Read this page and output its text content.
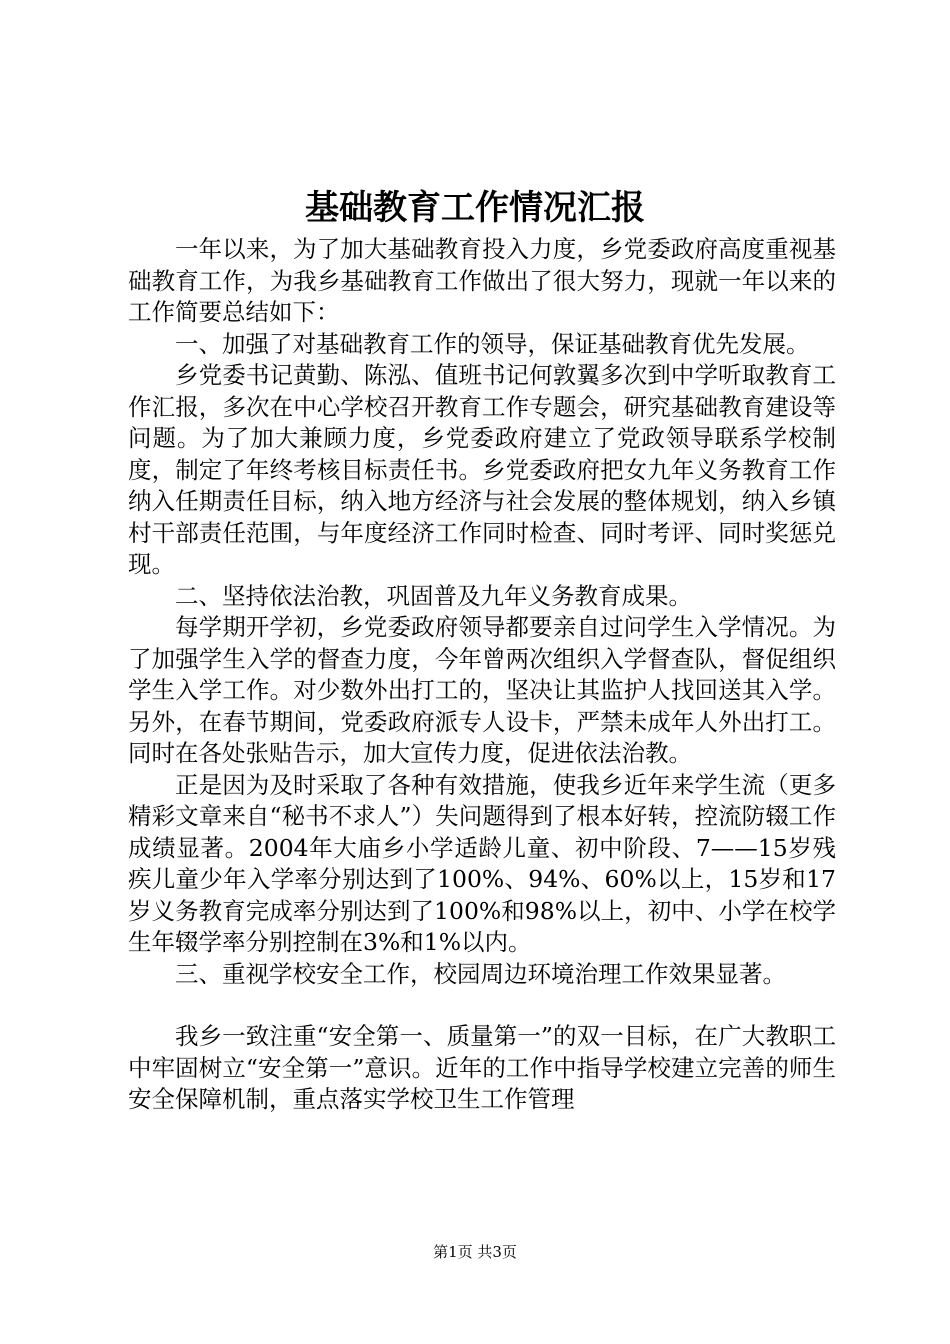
基础教育工作情况汇报

一年以来，为了加大基础教育投入力度，乡党委政府高度重视基础教育工作，为我乡基础教育工作做出了很大努力，现就一年以来的工作简要总结如下：

一、加强了对基础教育工作的领导，保证基础教育优先发展。

乡党委书记黄勤、陈泓、值班书记何敦翼多次到中学听取教育工作汇报，多次在中心学校召开教育工作专题会，研究基础教育建设等问题。为了加大兼顾力度，乡党委政府建立了党政领导联系学校制度，制定了年终考核目标责任书。乡党委政府把女九年义务教育工作纳入任期责任目标，纳入地方经济与社会发展的整体规划，纳入乡镇村干部责任范围，与年度经济工作同时检查、同时考评、同时奖惩兑现。

二、坚持依法治教，巩固普及九年义务教育成果。

每学期开学初，乡党委政府领导都要亲自过问学生入学情况。为了加强学生入学的督查力度，今年曾两次组织入学督查队，督促组织学生入学工作。对少数外出打工的，坚决让其监护人找回送其入学。另外，在春节期间，党委政府派专人设卡，严禁未成年人外出打工。同时在各处张贴告示，加大宣传力度，促进依法治教。

正是因为及时采取了各种有效措施，使我乡近年来学生流（更多精彩文章来自“秘书不求人”）失问题得到了根本好转，控流防辍工作成绩显著。2004年大庙乡小学适龄儿童、初中阶段、7——15岁残疾儿童少年入学率分别达到了100%、94%、60%以上，15岁和17岁义务教育完成率分别达到了100%和98%以上，初中、小学在校学生年辍学率分别控制在3%和1%以内。

三、重视学校安全工作，校园周边环境治理工作效果显著。

我乡一致注重“安全第一、质量第一”的双一目标，在广大教职工中牢固树立“安全第一”意识。近年的工作中指导学校建立完善的师生安全保障机制，重点落实学校卫生工作管理

第1页 共3页
